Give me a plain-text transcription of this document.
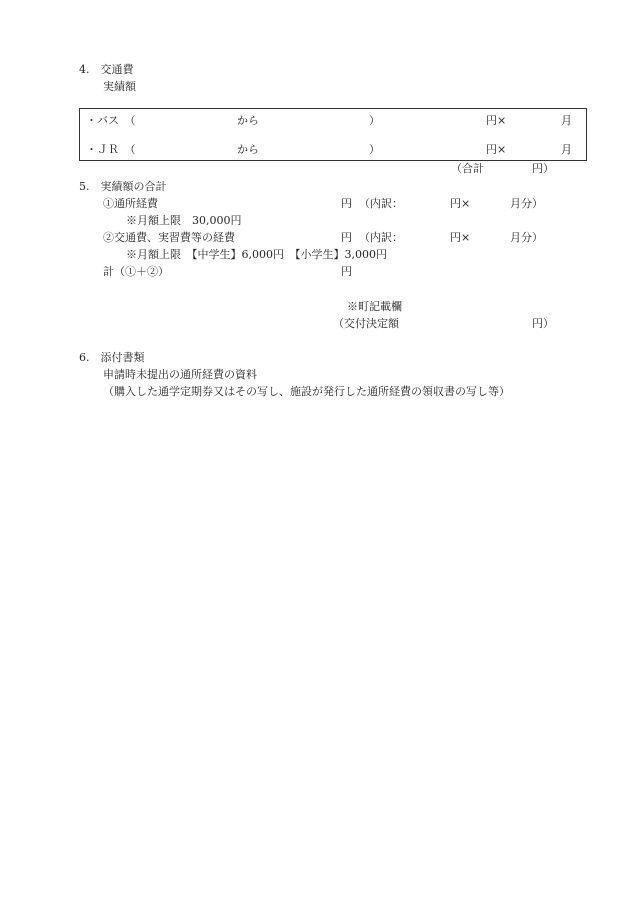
4.　交通費
実績額
・バス　（	から	）	円×	月
・ＪＲ　（	から	）	円×	月
（合計	円）
5.　実績額の合計
①通所経費	円 （内訳：	円×	月分）
※月額上限　30,000円
②交通費、実習費等の経費	円 （内訳：	円×	月分）
※月額上限　【中学生】6,000円　【小学生】3,000円
計（①＋②）	円
※町記載欄
（交付決定額	円）
6.　添付書類
申請時未提出の通所経費の資料
（購入した通学定期券又はその写し、施設が発行した通所経費の領収書の写し等）
